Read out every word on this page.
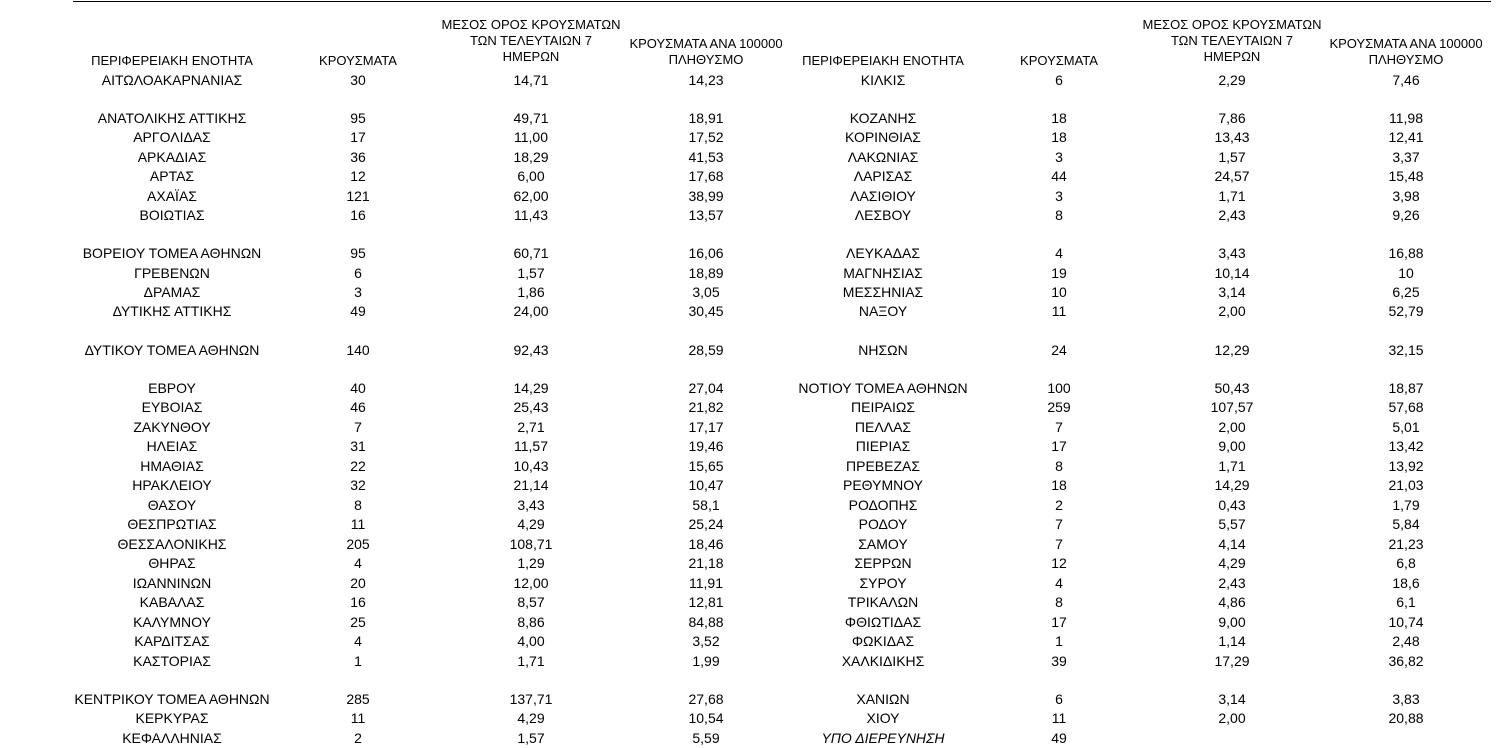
ΠΕΡΙΦΕΡΕΙΑΚΗ ΕΝΟΤΗΤΑ	ΚΡΟΥΣΜΑΤΑ
ΜΕΣΟΣ ΟΡΟΣ ΚΡΟΥΣΜΑΤΩΝ
ΤΩΝ ΤΕΛΕΥΤΑΙΩΝ 7
ΗΜΕΡΩΝ
ΚΡΟΥΣΜΑΤΑ ΑΝΑ 100000
ΠΛΗΘΥΣΜΟ	ΠΕΡΙΦΕΡΕΙΑΚΗ ΕΝΟΤΗΤΑ	ΚΡΟΥΣΜΑΤΑ
ΜΕΣΟΣ ΟΡΟΣ ΚΡΟΥΣΜΑΤΩΝ
ΤΩΝ ΤΕΛΕΥΤΑΙΩΝ 7
ΗΜΕΡΩΝ
ΚΡΟΥΣΜΑΤΑ ΑΝΑ 100000
ΠΛΗΘΥΣΜΟ
ΑΙΤΩΛΟΑΚΑΡΝΑΝΙΑΣ	30	14,71	14,23	ΚΙΛΚΙΣ	6	2,29	7,46
ΑΝΑΤΟΛΙΚΗΣ ΑΤΤΙΚΗΣ	95	49,71	18,91	ΚΟΖΑΝΗΣ	18	7,86	11,98
ΑΡΓΟΛΙΔΑΣ	17	11,00	17,52	ΚΟΡΙΝΘΙΑΣ	18	13,43	12,41
ΑΡΚΑΔΙΑΣ	36	18,29	41,53	ΛΑΚΩΝΙΑΣ	3	1,57	3,37
ΑΡΤΑΣ	12	6,00	17,68	ΛΑΡΙΣΑΣ	44	24,57	15,48
ΑΧΑΪΑΣ	121	62,00	38,99	ΛΑΣΙΘΙΟΥ	3	1,71	3,98
ΒΟΙΩΤΙΑΣ	16	11,43	13,57	ΛΕΣΒΟΥ	8	2,43	9,26
ΒΟΡΕΙΟΥ ΤΟΜΕΑ ΑΘΗΝΩΝ	95	60,71	16,06	ΛΕΥΚΑΔΑΣ	4	3,43	16,88
ΓΡΕΒΕΝΩΝ	6	1,57	18,89	ΜΑΓΝΗΣΙΑΣ	19	10,14	10
ΔΡΑΜΑΣ	3	1,86	3,05	ΜΕΣΣΗΝΙΑΣ	10	3,14	6,25
ΔΥΤΙΚΗΣ ΑΤΤΙΚΗΣ	49	24,00	30,45	ΝΑΞΟΥ	11	2,00	52,79
ΔΥΤΙΚΟΥ ΤΟΜΕΑ ΑΘΗΝΩΝ	140	92,43	28,59	ΝΗΣΩΝ	24	12,29	32,15
ΕΒΡΟΥ	40	14,29	27,04	ΝΟΤΙΟΥ ΤΟΜΕΑ ΑΘΗΝΩΝ	100	50,43	18,87
ΕΥΒΟΙΑΣ	46	25,43	21,82	ΠΕΙΡΑΙΩΣ	259	107,57	57,68
ΖΑΚΥΝΘΟΥ	7	2,71	17,17	ΠΕΛΛΑΣ	7	2,00	5,01
ΗΛΕΙΑΣ	31	11,57	19,46	ΠΙΕΡΙΑΣ	17	9,00	13,42
ΗΜΑΘΙΑΣ	22	10,43	15,65	ΠΡΕΒΕΖΑΣ	8	1,71	13,92
ΗΡΑΚΛΕΙΟΥ	32	21,14	10,47	ΡΕΘΥΜΝΟΥ	18	14,29	21,03
ΘΑΣΟΥ	8	3,43	58,1	ΡΟΔΟΠΗΣ	2	0,43	1,79
ΘΕΣΠΡΩΤΙΑΣ	11	4,29	25,24	ΡΟΔΟΥ	7	5,57	5,84
ΘΕΣΣΑΛΟΝΙΚΗΣ	205	108,71	18,46	ΣΑΜΟΥ	7	4,14	21,23
ΘΗΡΑΣ	4	1,29	21,18	ΣΕΡΡΩΝ	12	4,29	6,8
ΙΩΑΝΝΙΝΩΝ	20	12,00	11,91	ΣΥΡΟΥ	4	2,43	18,6
ΚΑΒΑΛΑΣ	16	8,57	12,81	ΤΡΙΚΑΛΩΝ	8	4,86	6,1
ΚΑΛΥΜΝΟΥ	25	8,86	84,88	ΦΘΙΩΤΙΔΑΣ	17	9,00	10,74
ΚΑΡΔΙΤΣΑΣ	4	4,00	3,52	ΦΩΚΙΔΑΣ	1	1,14	2,48
ΚΑΣΤΟΡΙΑΣ	1	1,71	1,99	ΧΑΛΚΙΔΙΚΗΣ	39	17,29	36,82
ΚΕΝΤΡΙΚΟΥ ΤΟΜΕΑ ΑΘΗΝΩΝ	285	137,71	27,68	ΧΑΝΙΩΝ	6	3,14	3,83
ΚΕΡΚΥΡΑΣ	11	4,29	10,54	ΧΙΟΥ	11	2,00	20,88
ΚΕΦΑΛΛΗΝΙΑΣ	2	1,57	5,59	ΥΠΟ ΔΙΕΡΕΥΝΗΣΗ	49
